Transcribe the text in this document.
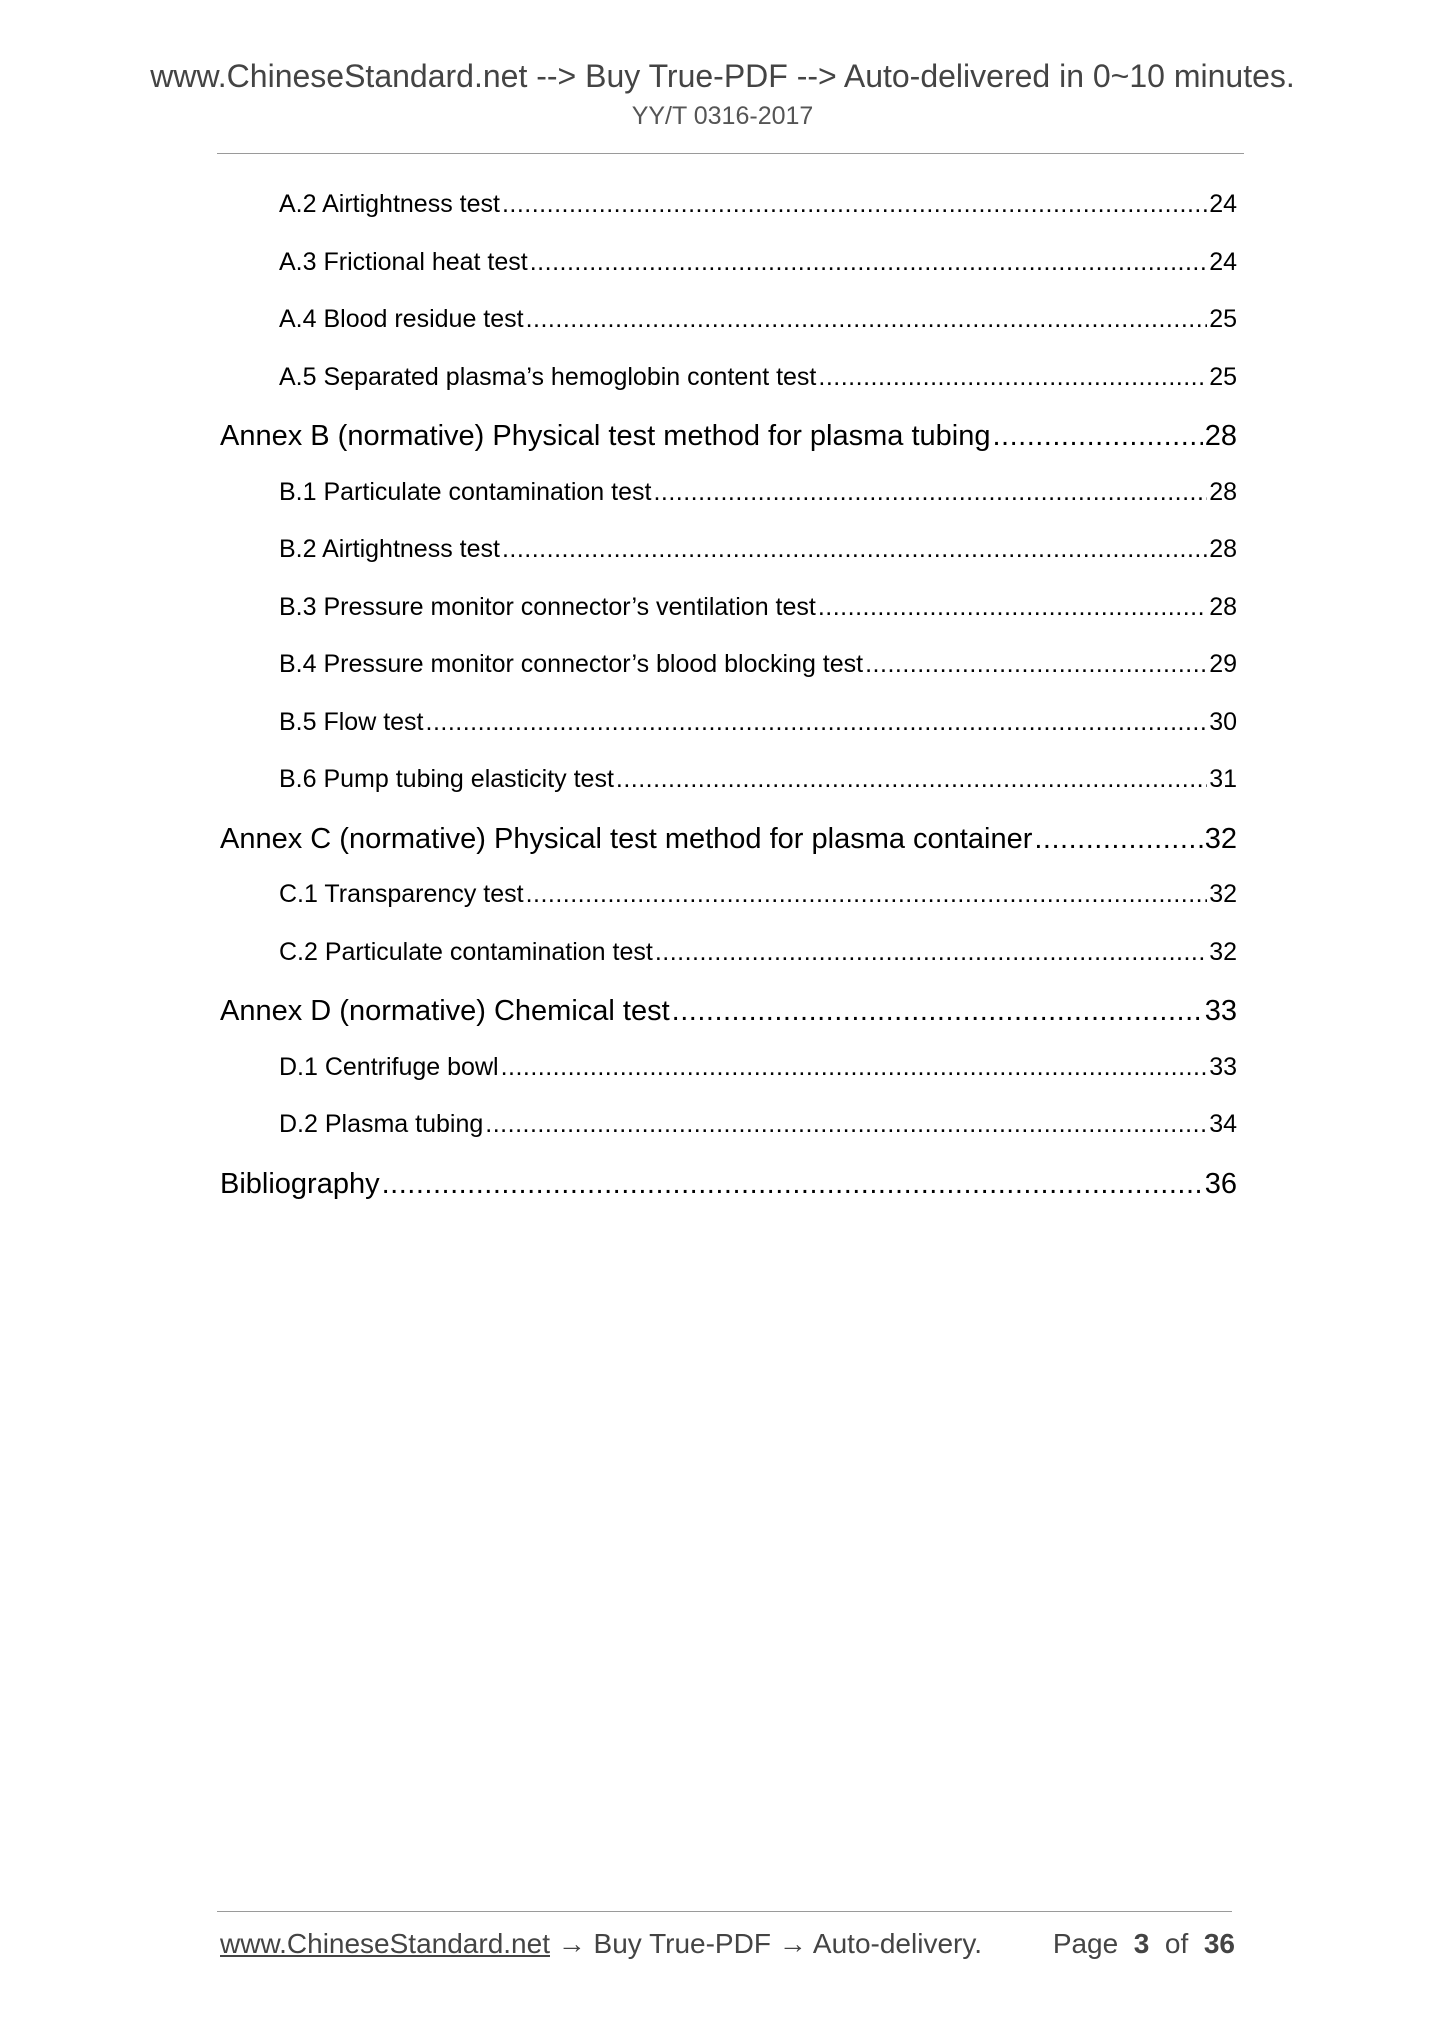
www.ChineseStandard.net --> Buy True-PDF --> Auto-delivered in 0~10 minutes.
YY/T 0316-2017
A.2 Airtightness test .....	24
A.3 Frictional heat test .....	24
A.4 Blood residue test .....	25
A.5 Separated plasma’s hemoglobin content test .....	25
Annex B (normative) Physical test method for plasma tubing .....	28
B.1 Particulate contamination test .....	28
B.2 Airtightness test .....	28
B.3 Pressure monitor connector’s ventilation test .....	28
B.4 Pressure monitor connector’s blood blocking test .....	29
B.5 Flow test .....	30
B.6 Pump tubing elasticity test .....	31
Annex C (normative) Physical test method for plasma container .....	32
C.1 Transparency test .....	32
C.2 Particulate contamination test .....	32
Annex D (normative) Chemical test .....	33
D.1 Centrifuge bowl .....	33
D.2 Plasma tubing .....	34
Bibliography .....	36
www.ChineseStandard.net → Buy True-PDF → Auto-delivery.	Page 3 of 36
